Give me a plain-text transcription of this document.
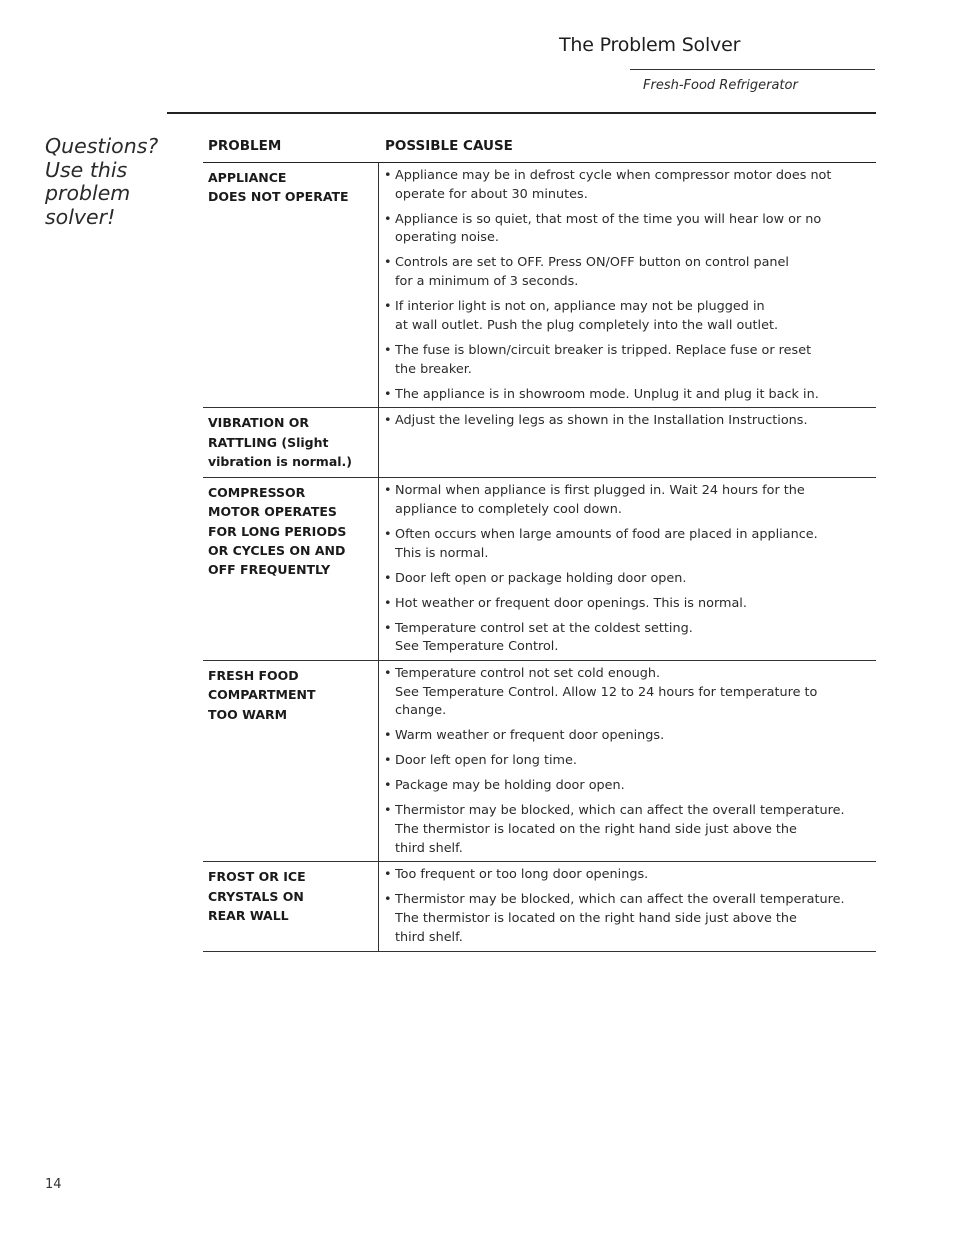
The Problem Solver
Fresh-Food Refrigerator
Questions?
Use this
problem
solver!
PROBLEM	POSSIBLE CAUSE
APPLIANCE
DOES NOT OPERATE
• Appliance may be in defrost cycle when compressor motor does not
operate for about 30 minutes.
• Appliance is so quiet, that most of the time you will hear low or no
operating noise.
• Controls are set to OFF. Press ON/OFF button on control panel
for a minimum of 3 seconds.
• If interior light is not on, appliance may not be plugged in
at wall outlet. Push the plug completely into the wall outlet.
• The fuse is blown/circuit breaker is tripped. Replace fuse or reset
the breaker.
• The appliance is in showroom mode. Unplug it and plug it back in.
VIBRATION OR
RATTLING (Slight
vibration is normal.)
• Adjust the leveling legs as shown in the Installation Instructions.
COMPRESSOR
MOTOR OPERATES
FOR LONG PERIODS
OR CYCLES ON AND
OFF FREQUENTLY
• Normal when appliance is first plugged in. Wait 24 hours for the
appliance to completely cool down.
• Often occurs when large amounts of food are placed in appliance.
This is normal.
• Door left open or package holding door open.
• Hot weather or frequent door openings. This is normal.
• Temperature control set at the coldest setting.
See Temperature Control.
FRESH FOOD
COMPARTMENT
TOO WARM
• Temperature control not set cold enough.
See Temperature Control. Allow 12 to 24 hours for temperature to
change.
• Warm weather or frequent door openings.
• Door left open for long time.
• Package may be holding door open.
• Thermistor may be blocked, which can affect the overall temperature.
The thermistor is located on the right hand side just above the
third shelf.
FROST OR ICE
CRYSTALS ON
REAR WALL
• Too frequent or too long door openings.
• Thermistor may be blocked, which can affect the overall temperature.
The thermistor is located on the right hand side just above the
third shelf.
14
